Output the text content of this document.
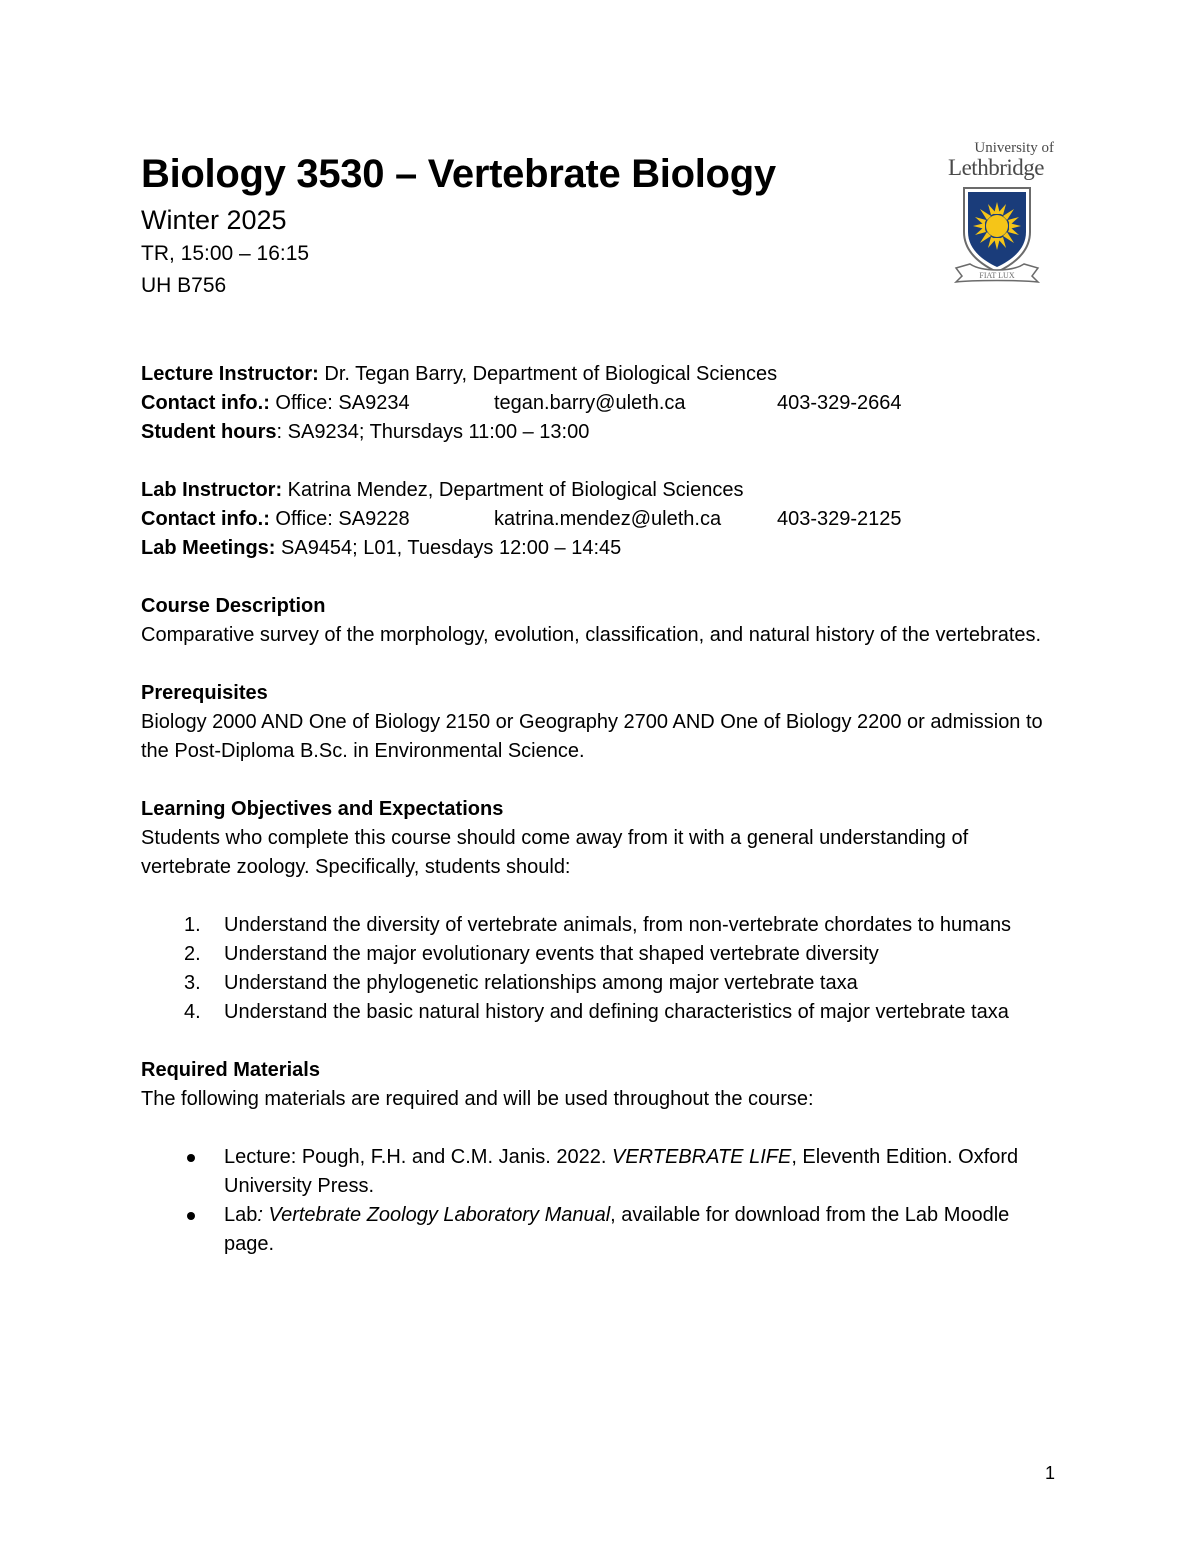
University of
Lethbridge
FIAT LUX
Biology 3530 – Vertebrate Biology
Winter 2025
TR, 15:00 – 16:15
UH B756
Lecture Instructor: Dr. Tegan Barry, Department of Biological Sciences
Contact info.: Office: SA9234	tegan.barry@uleth.ca	403-329-2664
Student hours: SA9234; Thursdays 11:00 – 13:00
Lab Instructor: Katrina Mendez, Department of Biological Sciences
Contact info.: Office: SA9228	katrina.mendez@uleth.ca	403-329-2125
Lab Meetings: SA9454; L01, Tuesdays 12:00 – 14:45
Course Description
Comparative survey of the morphology, evolution, classification, and natural history of the vertebrates.
Prerequisites
Biology 2000 AND One of Biology 2150 or Geography 2700 AND One of Biology 2200 or admission to the Post-Diploma B.Sc. in Environmental Science.
Learning Objectives and Expectations
Students who complete this course should come away from it with a general understanding of vertebrate zoology. Specifically, students should:
1. Understand the diversity of vertebrate animals, from non-vertebrate chordates to humans
2. Understand the major evolutionary events that shaped vertebrate diversity
3. Understand the phylogenetic relationships among major vertebrate taxa
4. Understand the basic natural history and defining characteristics of major vertebrate taxa
Required Materials
The following materials are required and will be used throughout the course:
Lecture: Pough, F.H. and C.M. Janis. 2022. VERTEBRATE LIFE, Eleventh Edition. Oxford University Press.
Lab: Vertebrate Zoology Laboratory Manual, available for download from the Lab Moodle page.
1
